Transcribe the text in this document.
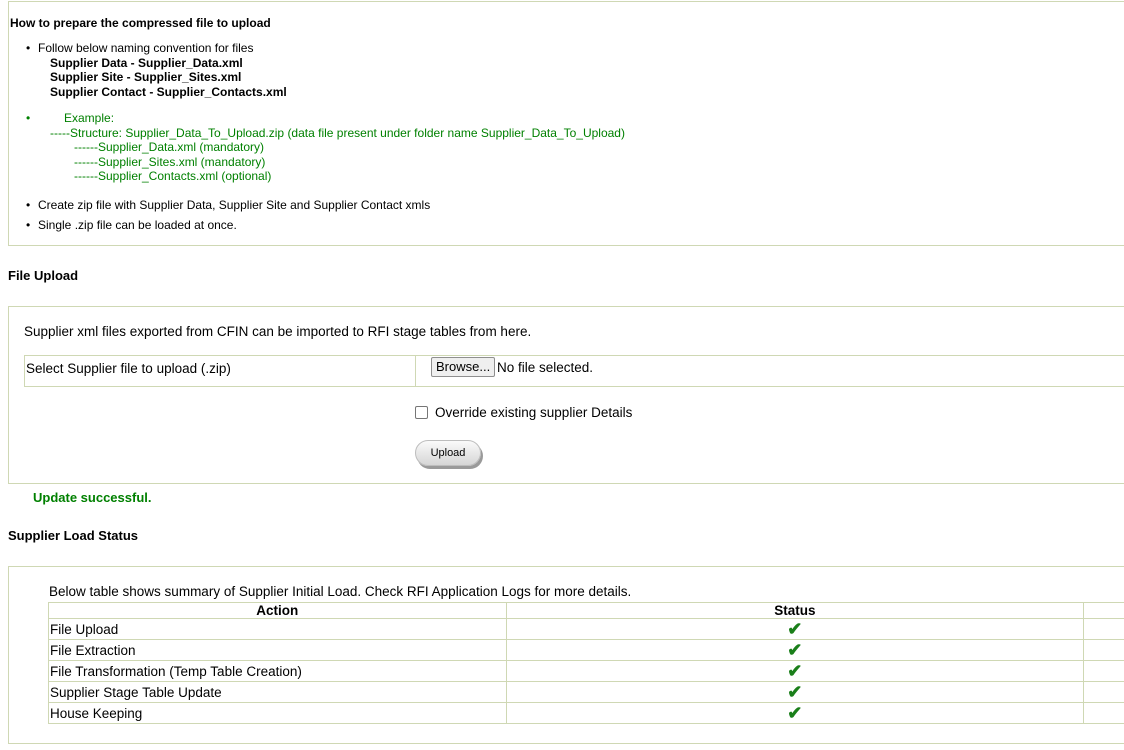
How to prepare the compressed file to upload
• Follow below naming convention for files
Supplier Data - Supplier_Data.xml
Supplier Site - Supplier_Sites.xml
Supplier Contact - Supplier_Contacts.xml
• Example:
-----Structure: Supplier_Data_To_Upload.zip (data file present under folder name Supplier_Data_To_Upload)
------Supplier_Data.xml (mandatory)
------Supplier_Sites.xml (mandatory)
------Supplier_Contacts.xml (optional)
• Create zip file with Supplier Data, Supplier Site and Supplier Contact xmls
• Single .zip file can be loaded at once.
File Upload
Supplier xml files exported from CFIN can be imported to RFI stage tables from here.
Select Supplier file to upload (.zip)	Browse... No file selected.
Override existing supplier Details
Upload
Update successful.
Supplier Load Status
Below table shows summary of Supplier Initial Load. Check RFI Application Logs for more details.
Action	Status	
File Upload	✔	
File Extraction	✔	
File Transformation (Temp Table Creation)	✔	
Supplier Stage Table Update	✔	
House Keeping	✔	
